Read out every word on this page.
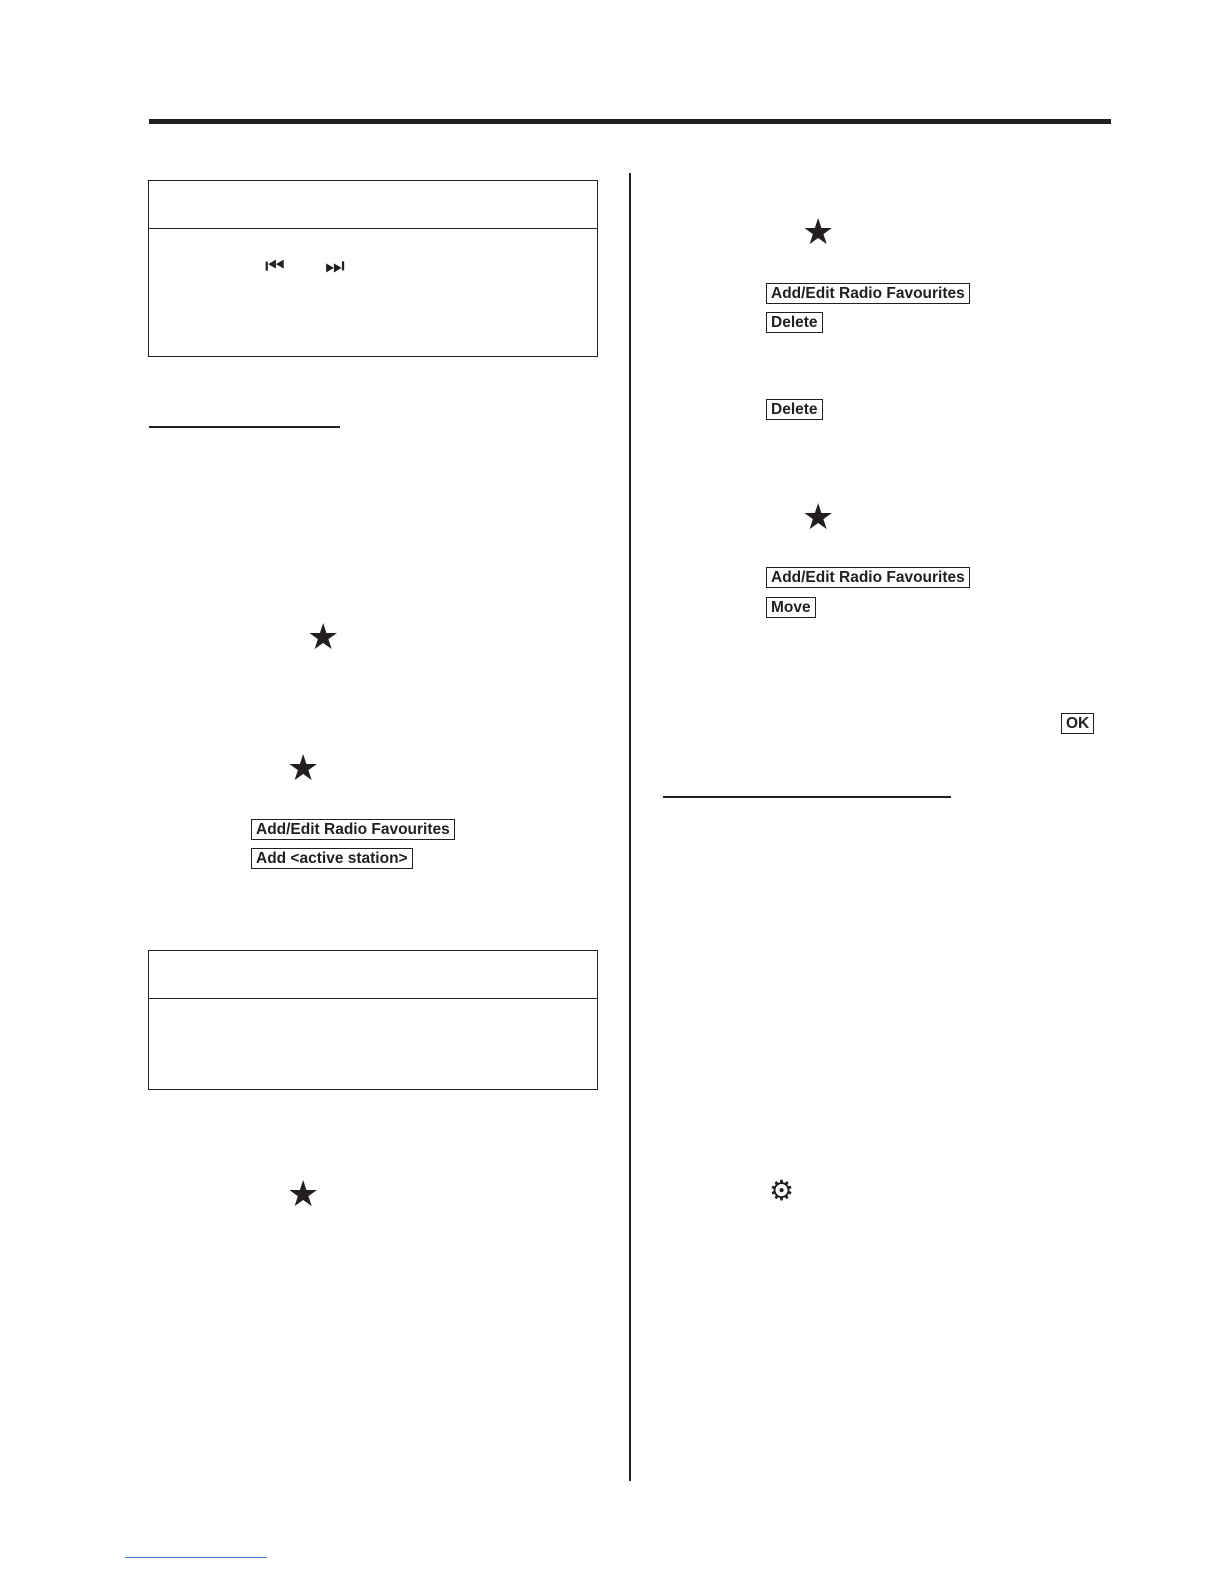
⏮ ⏭
★
★
Add/Edit Radio Favourites
Add <active station>
★
★
Add/Edit Radio Favourites
Delete
Delete
★
Add/Edit Radio Favourites
Move
OK
⚙
